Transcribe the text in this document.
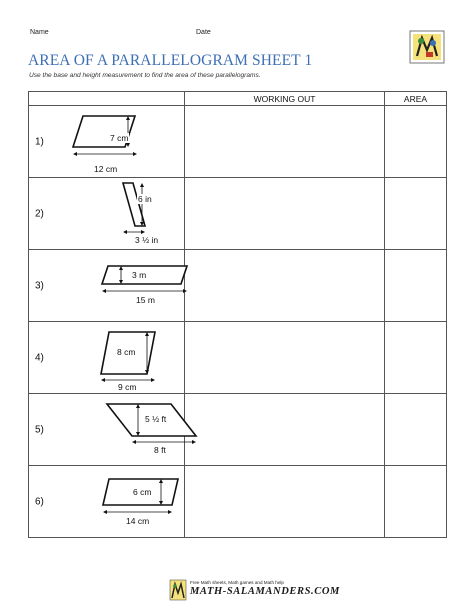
Name	Date
AREA OF A PARALLELOGRAM SHEET 1
Use the base and height measurement to find the area of these parallelograms.
	WORKING OUT	AREA

1) 7 cm
12 cm		

2)
6 in
3 ½ in		

3)
3 m
15 m		

4) 8 cm
9 cm		

5)
5 ½ ft
8 ft		

6)
6 cm
14 cm		

Free Math sheets, Math games and Math help
MATH-SALAMANDERS.COM
